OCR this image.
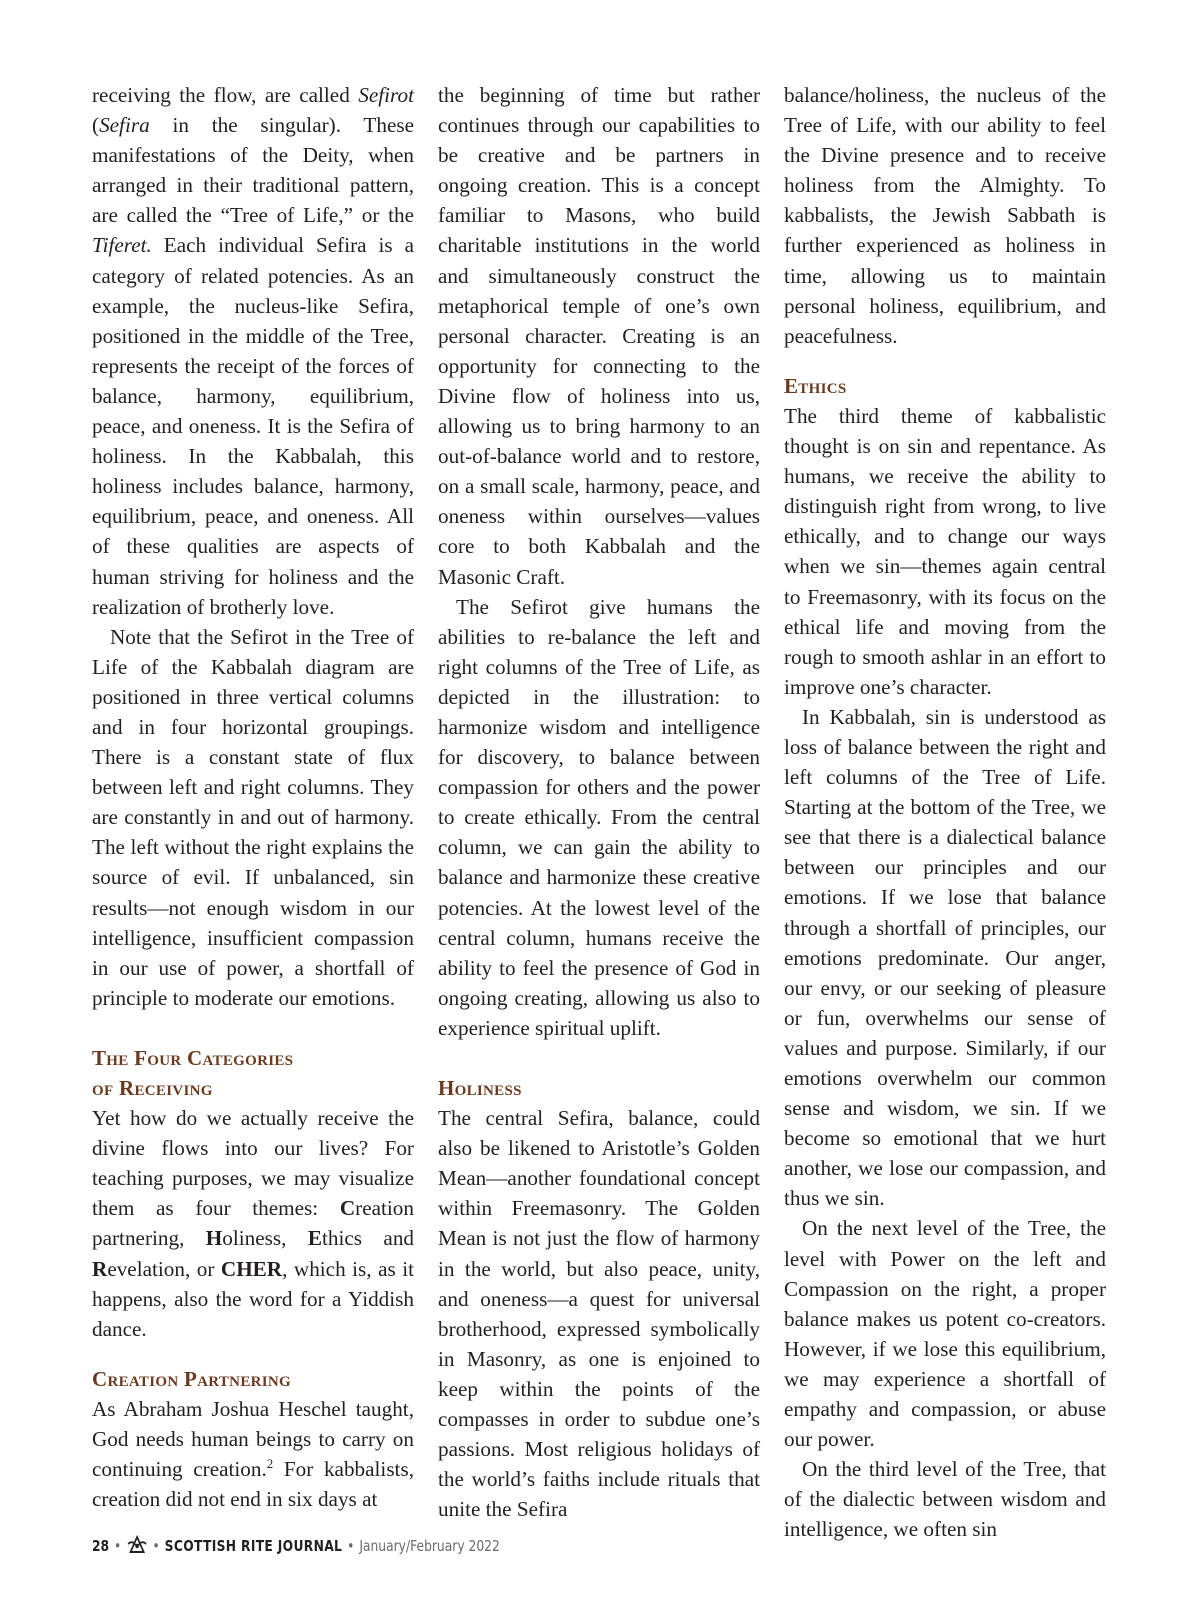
receiving the flow, are called Sefirot (Sefira in the singular). These manifestations of the Deity, when arranged in their traditional pattern, are called the “Tree of Life,” or the Tiferet. Each individual Sefira is a category of related potencies. As an example, the nucleus-like Sefira, positioned in the middle of the Tree, represents the receipt of the forces of balance, harmony, equilibrium, peace, and oneness. It is the Sefira of holiness. In the Kabbalah, this holiness includes balance, harmony, equilibrium, peace, and oneness. All of these qualities are aspects of human striving for holiness and the realization of brotherly love.

Note that the Sefirot in the Tree of Life of the Kabbalah diagram are positioned in three vertical columns and in four horizontal groupings. There is a constant state of flux between left and right columns. They are constantly in and out of harmony. The left without the right explains the source of evil. If unbalanced, sin results—not enough wisdom in our intelligence, insufficient compassion in our use of power, a shortfall of principle to moderate our emotions.

The Four Categories
of Receiving

Yet how do we actually receive the divine flows into our lives? For teaching purposes, we may visualize them as four themes: Creation partnering, Holiness, Ethics and Revelation, or CHER, which is, as it happens, also the word for a Yiddish dance.

Creation Partnering

As Abraham Joshua Heschel taught, God needs human beings to carry on continuing creation.$^2$ For kabbalists, creation did not end in six days at

the beginning of time but rather continues through our capabilities to be creative and be partners in ongoing creation. This is a concept familiar to Masons, who build charitable institutions in the world and simultaneously construct the metaphorical temple of one’s own personal character. Creating is an opportunity for connecting to the Divine flow of holiness into us, allowing us to bring harmony to an out-of-balance world and to restore, on a small scale, harmony, peace, and oneness within ourselves—values core to both Kabbalah and the Masonic Craft.

The Sefirot give humans the abilities to re-balance the left and right columns of the Tree of Life, as depicted in the illustration: to harmonize wisdom and intelligence for discovery, to balance between compassion for others and the power to create ethically. From the central column, we can gain the ability to balance and harmonize these creative potencies. At the lowest level of the central column, humans receive the ability to feel the presence of God in ongoing creating, allowing us also to experience spiritual uplift.

Holiness

The central Sefira, balance, could also be likened to Aristotle’s Golden Mean—another foundational concept within Freemasonry. The Golden Mean is not just the flow of harmony in the world, but also peace, unity, and oneness—a quest for universal brotherhood, expressed symbolically in Masonry, as one is enjoined to keep within the points of the compasses in order to subdue one’s passions. Most religious holidays of the world’s faiths include rituals that unite the Sefira

balance/holiness, the nucleus of the Tree of Life, with our ability to feel the Divine presence and to receive holiness from the Almighty. To kabbalists, the Jewish Sabbath is further experienced as holiness in time, allowing us to maintain personal holiness, equilibrium, and peacefulness.

Ethics

The third theme of kabbalistic thought is on sin and repentance. As humans, we receive the ability to distinguish right from wrong, to live ethically, and to change our ways when we sin—themes again central to Freemasonry, with its focus on the ethical life and moving from the rough to smooth ashlar in an effort to improve one’s character.

In Kabbalah, sin is understood as loss of balance between the right and left columns of the Tree of Life. Starting at the bottom of the Tree, we see that there is a dialectical balance between our principles and our emotions. If we lose that balance through a shortfall of principles, our emotions predominate. Our anger, our envy, or our seeking of pleasure or fun, overwhelms our sense of values and purpose. Similarly, if our emotions overwhelm our common sense and wisdom, we sin. If we become so emotional that we hurt another, we lose our compassion, and thus we sin.

On the next level of the Tree, the level with Power on the left and Compassion on the right, a proper balance makes us potent co-creators. However, if we lose this equilibrium, we may experience a shortfall of empathy and compassion, or abuse our power.

On the third level of the Tree, that of the dialectic between wisdom and intelligence, we often sin

28 • • SCOTTISH RITE JOURNAL • January/February 2022
